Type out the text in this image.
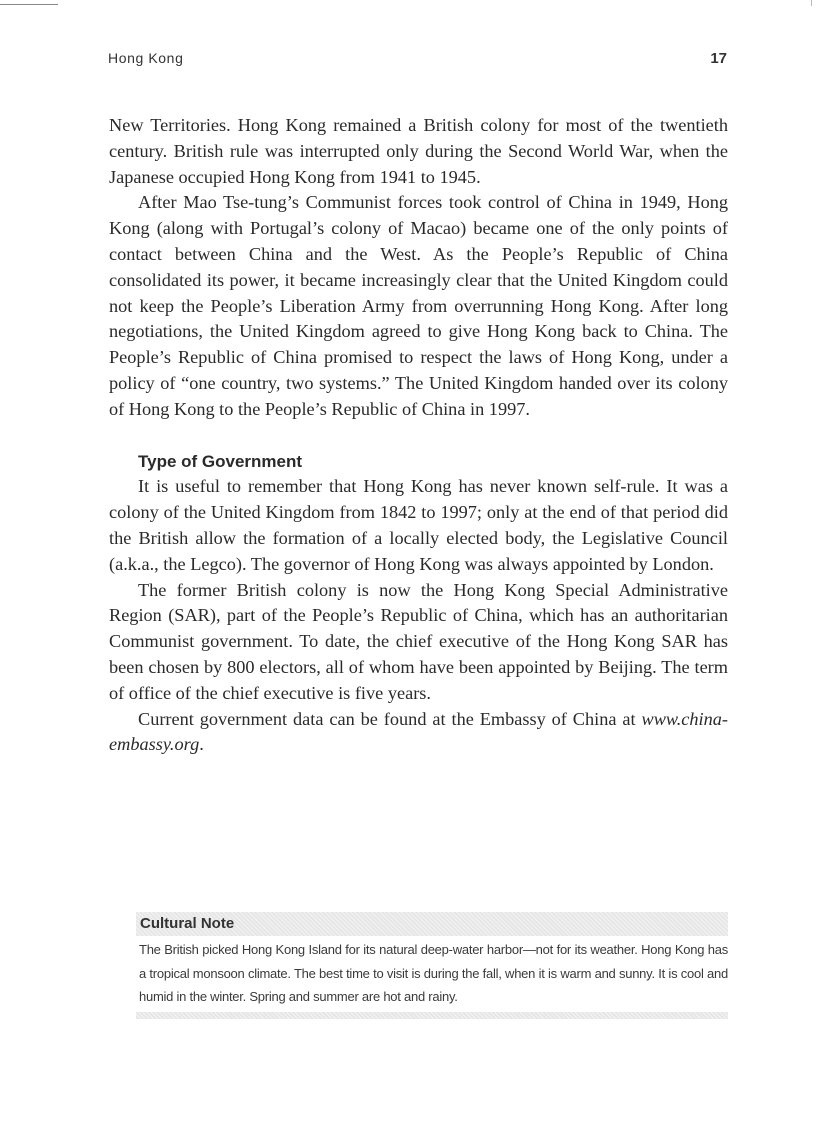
Hong Kong	17

New Territories. Hong Kong remained a British colony for most of the twentieth century. British rule was interrupted only during the Second World War, when the Japanese occupied Hong Kong from 1941 to 1945.

After Mao Tse-tung’s Communist forces took control of China in 1949, Hong Kong (along with Portugal’s colony of Macao) became one of the only points of contact between China and the West. As the People’s Republic of China consolidated its power, it became increasingly clear that the United Kingdom could not keep the People’s Liberation Army from overrunning Hong Kong. After long negotiations, the United Kingdom agreed to give Hong Kong back to China. The People’s Republic of China promised to respect the laws of Hong Kong, under a policy of “one country, two systems.” The United Kingdom handed over its colony of Hong Kong to the People’s Republic of China in 1997.

Type of Government

It is useful to remember that Hong Kong has never known self-rule. It was a colony of the United Kingdom from 1842 to 1997; only at the end of that period did the British allow the formation of a locally elected body, the Legislative Council (a.k.a., the Legco). The governor of Hong Kong was always appointed by London.

The former British colony is now the Hong Kong Special Administrative Region (SAR), part of the People’s Republic of China, which has an authoritarian Communist government. To date, the chief executive of the Hong Kong SAR has been chosen by 800 electors, all of whom have been appointed by Beijing. The term of office of the chief executive is five years.

Current government data can be found at the Embassy of China at www.china-embassy.org.

Cultural Note

The British picked Hong Kong Island for its natural deep-water harbor—not for its weather. Hong Kong has a tropical monsoon climate. The best time to visit is during the fall, when it is warm and sunny. It is cool and humid in the winter. Spring and summer are hot and rainy.
